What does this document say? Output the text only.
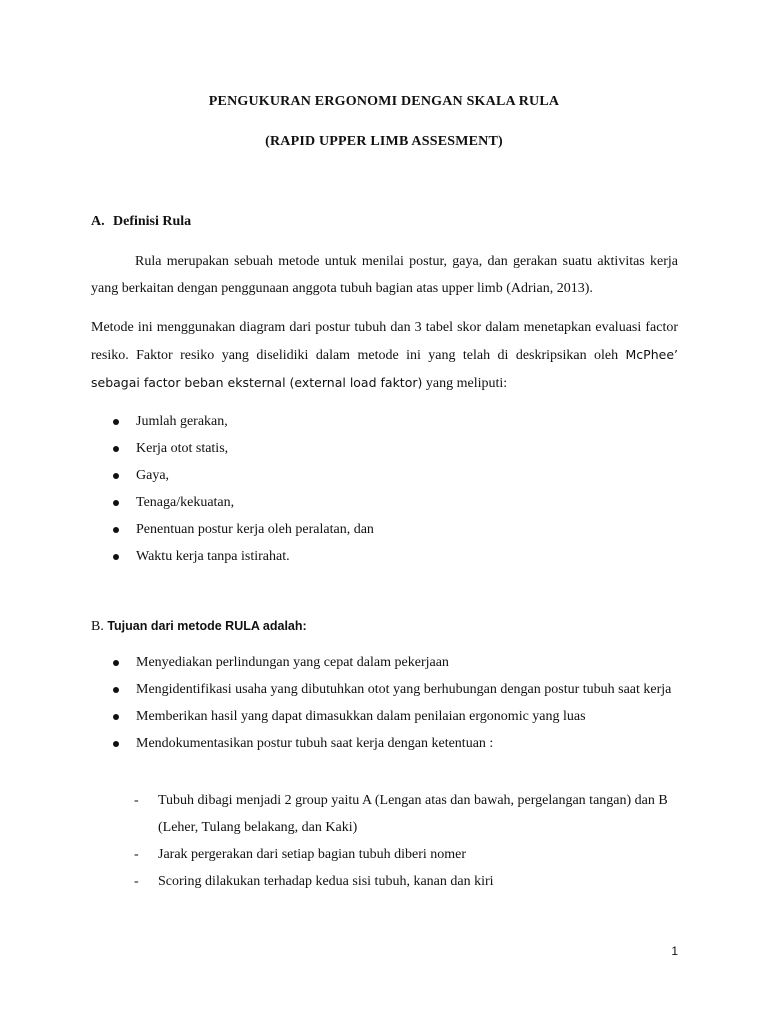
PENGUKURAN ERGONOMI DENGAN SKALA RULA
(RAPID UPPER LIMB ASSESMENT)
A. Definisi Rula

Rula merupakan sebuah metode untuk menilai postur, gaya, dan gerakan suatu aktivitas kerja yang berkaitan dengan penggunaan anggota tubuh bagian atas upper limb (Adrian, 2013).

Metode ini menggunakan diagram dari postur tubuh dan 3 tabel skor dalam menetapkan evaluasi factor resiko. Faktor resiko yang diselidiki dalam metode ini yang telah di deskripsikan oleh McPhee’ sebagai factor beban eksternal (external load faktor) yang meliputi:

Jumlah gerakan,
Kerja otot statis,
Gaya,
Tenaga/kekuatan,
Penentuan postur kerja oleh peralatan, dan
Waktu kerja tanpa istirahat.
B. Tujuan dari metode RULA adalah:
Menyediakan perlindungan yang cepat dalam pekerjaan
Mengidentifikasi usaha yang dibutuhkan otot yang berhubungan dengan postur tubuh saat kerja
Memberikan hasil yang dapat dimasukkan dalam penilaian ergonomic yang luas
Mendokumentasikan postur tubuh saat kerja dengan ketentuan :
- Tubuh dibagi menjadi 2 group yaitu A (Lengan atas dan bawah, pergelangan tangan) dan B (Leher, Tulang belakang, dan Kaki)
- Jarak pergerakan dari setiap bagian tubuh diberi nomer
- Scoring dilakukan terhadap kedua sisi tubuh, kanan dan kiri
1
